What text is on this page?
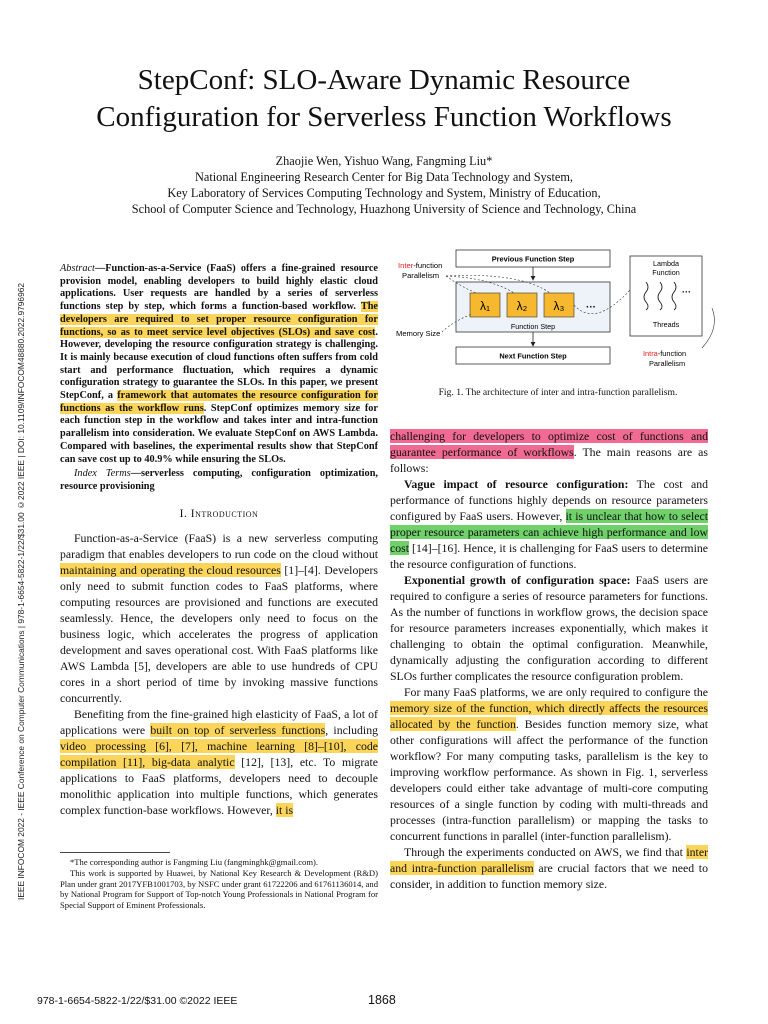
IEEE INFOCOM 2022 - IEEE Conference on Computer Communications | 978-1-6654-5822-1/22/$31.00 ©2022 IEEE | DOI: 10.1109/INFOCOM48880.2022.9796962
StepConf: SLO-Aware Dynamic Resource
Configuration for Serverless Function Workflows
Zhaojie Wen, Yishuo Wang, Fangming Liu*
National Engineering Research Center for Big Data Technology and System,
Key Laboratory of Services Computing Technology and System, Ministry of Education,
School of Computer Science and Technology, Huazhong University of Science and Technology, China
Abstract—Function-as-a-Service (FaaS) offers a fine-grained resource provision model, enabling developers to build highly elastic cloud applications. User requests are handled by a series of serverless functions step by step, which forms a function-based workflow. The developers are required to set proper resource configuration for functions, so as to meet service level objectives (SLOs) and save cost. However, developing the resource configuration strategy is challenging. It is mainly because execution of cloud functions often suffers from cold start and performance fluctuation, which requires a dynamic configuration strategy to guarantee the SLOs. In this paper, we present StepConf, a framework that automates the resource configuration for functions as the workflow runs. StepConf optimizes memory size for each function step in the workflow and takes inter and intra-function parallelism into consideration. We evaluate StepConf on AWS Lambda. Compared with baselines, the experimental results show that StepConf can save cost up to 40.9% while ensuring the SLOs.
Index Terms—serverless computing, configuration optimization, resource provisioning
I. Introduction

Function-as-a-Service (FaaS) is a new serverless computing paradigm that enables developers to run code on the cloud without maintaining and operating the cloud resources [1]–[4]. Developers only need to submit function codes to FaaS platforms, where computing resources are provisioned and functions are executed seamlessly. Hence, the developers only need to focus on the business logic, which accelerates the progress of application development and saves operational cost. With FaaS platforms like AWS Lambda [5], developers are able to use hundreds of CPU cores in a short period of time by invoking massive functions concurrently.

Benefiting from the fine-grained high elasticity of FaaS, a lot of applications were built on top of serverless functions, including video processing [6], [7], machine learning [8]–[10], code compilation [11], big-data analytic [12], [13], etc. To migrate applications to FaaS platforms, developers need to decouple monolithic application into multiple functions, which generates complex function-base workflows. However, it is

*The corresponding author is Fangming Liu (fangminghk@gmail.com).

This work is supported by Huawei, by National Key Research & Development (R&D) Plan under grant 2017YFB1001703, by NSFC under grant 61722206 and 61761136014, and by National Program for Support of Top-notch Young Professionals in National Program for Special Support of Eminent Professionals.

Inter-function
Parallelism
Memory Size
Previous Function Step
λ₁ λ₂ λ₃ ···
Function Step
Next Function Step
Lambda
Function
···
Threads
Intra-function
Parallelism
Fig. 1. The architecture of inter and intra-function parallelism.

challenging for developers to optimize cost of functions and guarantee performance of workflows. The main reasons are as follows:

Vague impact of resource configuration: The cost and performance of functions highly depends on resource parameters configured by FaaS users. However, it is unclear that how to select proper resource parameters can achieve high performance and low cost [14]–[16]. Hence, it is challenging for FaaS users to determine the resource configuration of functions.

Exponential growth of configuration space: FaaS users are required to configure a series of resource parameters for functions. As the number of functions in workflow grows, the decision space for resource parameters increases exponentially, which makes it challenging to obtain the optimal configuration. Meanwhile, dynamically adjusting the configuration according to different SLOs further complicates the resource configuration problem.

For many FaaS platforms, we are only required to configure the memory size of the function, which directly affects the resources allocated by the function. Besides function memory size, what other configurations will affect the performance of the function workflow? For many computing tasks, parallelism is the key to improving workflow performance. As shown in Fig. 1, serverless developers could either take advantage of multi-core computing resources of a single function by coding with multi-threads and processes (intra-function parallelism) or mapping the tasks to concurrent functions in parallel (inter-function parallelism).

Through the experiments conducted on AWS, we find that inter and intra-function parallelism are crucial factors that we need to consider, in addition to function memory size.

978-1-6654-5822-1/22/$31.00 ©2022 IEEE	1868
